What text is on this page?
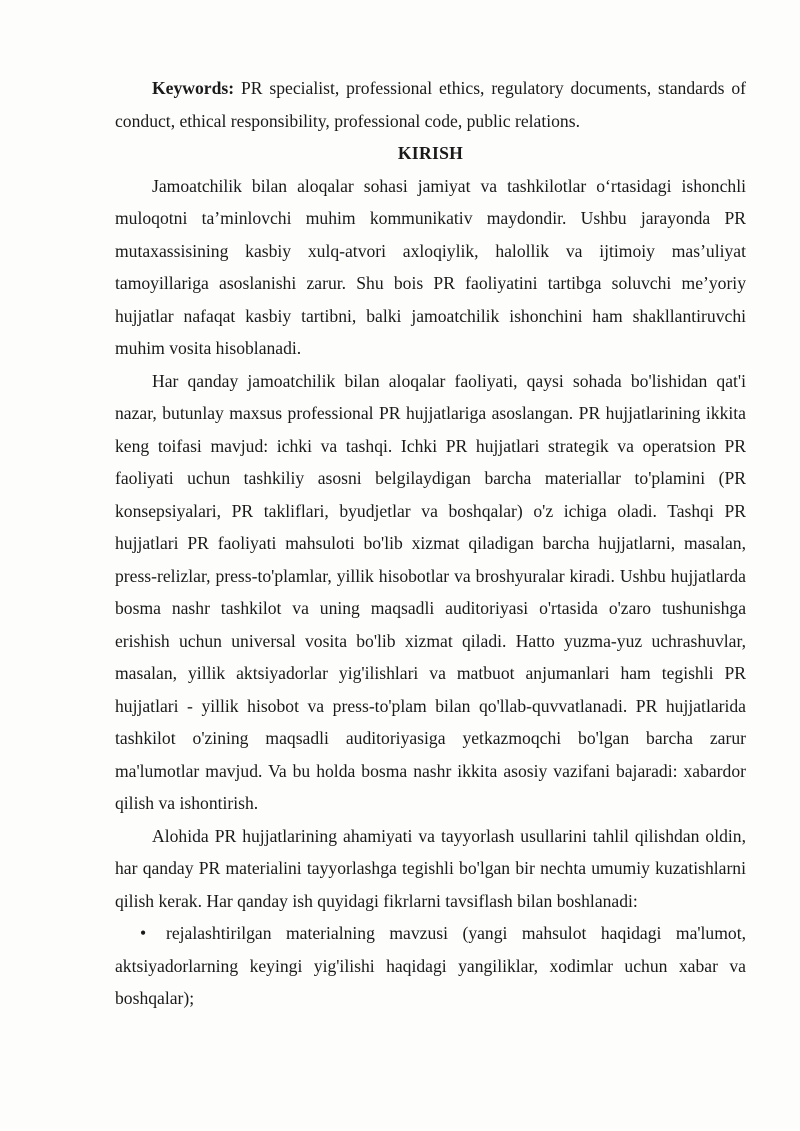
Keywords: PR specialist, professional ethics, regulatory documents, standards of conduct, ethical responsibility, professional code, public relations.

KIRISH

Jamoatchilik bilan aloqalar sohasi jamiyat va tashkilotlar o‘rtasidagi ishonchli muloqotni ta’minlovchi muhim kommunikativ maydondir. Ushbu jarayonda PR mutaxassisining kasbiy xulq-atvori axloqiylik, halollik va ijtimoiy mas’uliyat tamoyillariga asoslanishi zarur. Shu bois PR faoliyatini tartibga soluvchi me’yoriy hujjatlar nafaqat kasbiy tartibni, balki jamoatchilik ishonchini ham shakllantiruvchi muhim vosita hisoblanadi.

Har qanday jamoatchilik bilan aloqalar faoliyati, qaysi sohada bo'lishidan qat'i nazar, butunlay maxsus professional PR hujjatlariga asoslangan. PR hujjatlarining ikkita keng toifasi mavjud: ichki va tashqi. Ichki PR hujjatlari strategik va operatsion PR faoliyati uchun tashkiliy asosni belgilaydigan barcha materiallar to'plamini (PR konsepsiyalari, PR takliflari, byudjetlar va boshqalar) o'z ichiga oladi. Tashqi PR hujjatlari PR faoliyati mahsuloti bo'lib xizmat qiladigan barcha hujjatlarni, masalan, press-relizlar, press-to'plamlar, yillik hisobotlar va broshyuralar kiradi. Ushbu hujjatlarda bosma nashr tashkilot va uning maqsadli auditoriyasi o'rtasida o'zaro tushunishga erishish uchun universal vosita bo'lib xizmat qiladi. Hatto yuzma-yuz uchrashuvlar, masalan, yillik aktsiyadorlar yig'ilishlari va matbuot anjumanlari ham tegishli PR hujjatlari - yillik hisobot va press-to'plam bilan qo'llab-quvvatlanadi. PR hujjatlarida tashkilot o'zining maqsadli auditoriyasiga yetkazmoqchi bo'lgan barcha zarur ma'lumotlar mavjud. Va bu holda bosma nashr ikkita asosiy vazifani bajaradi: xabardor qilish va ishontirish.

Alohida PR hujjatlarining ahamiyati va tayyorlash usullarini tahlil qilishdan oldin, har qanday PR materialini tayyorlashga tegishli bo'lgan bir nechta umumiy kuzatishlarni qilish kerak. Har qanday ish quyidagi fikrlarni tavsiflash bilan boshlanadi:

• rejalashtirilgan materialning mavzusi (yangi mahsulot haqidagi ma'lumot, aktsiyadorlarning keyingi yig'ilishi haqidagi yangiliklar, xodimlar uchun xabar va boshqalar);
